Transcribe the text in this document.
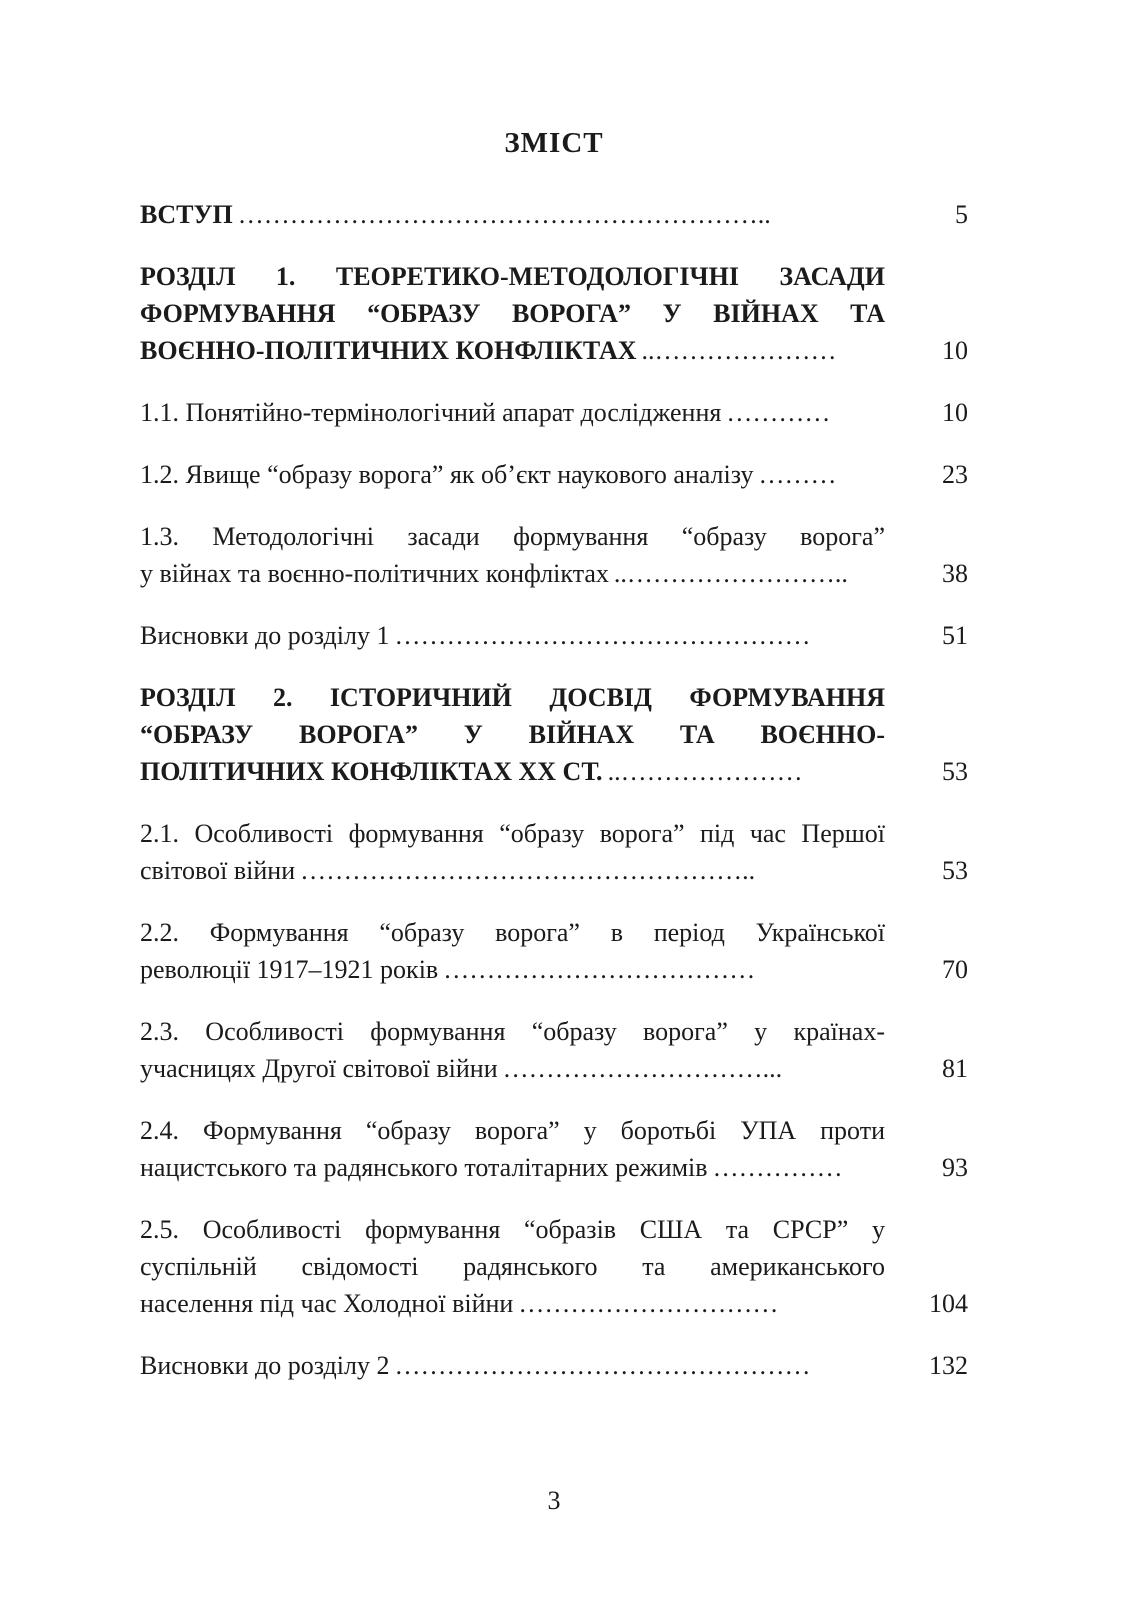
ЗМІСТ
ВСТУП ……………………………………………………..	5
РОЗДІЛ 1. ТЕОРЕТИКО-МЕТОДОЛОГІЧНІ ЗАСАДИ
ФОРМУВАННЯ “ОБРАЗУ ВОРОГА” У ВІЙНАХ ТА
ВОЄННО-ПОЛІТИЧНИХ КОНФЛІКТАХ ..…………………	10
1.1. Понятійно-термінологічний апарат дослідження …………	10
1.2. Явище “образу ворога” як об’єкт наукового аналізу ………	23
1.3. Методологічні засади формування “образу ворога”
у війнах та воєнно-політичних конфліктах ..……………………..	38
Висновки до розділу 1 …………………………………………	51
РОЗДІЛ 2. ІСТОРИЧНИЙ ДОСВІД ФОРМУВАННЯ
“ОБРАЗУ ВОРОГА” У ВІЙНАХ ТА ВОЄННО-
ПОЛІТИЧНИХ КОНФЛІКТАХ ХХ СТ. ..…………………	53
2.1. Особливості формування “образу ворога” під час Першої
світової війни ……………………………………………..	53
2.2. Формування “образу ворога” в період Української
революції 1917–1921 років ………………………………	70
2.3. Особливості формування “образу ворога” у країнах-
учасницях Другої світової війни …………………………...	81
2.4. Формування “образу ворога” у боротьбі УПА проти
нацистського та радянського тоталітарних режимів ……………	93
2.5. Особливості формування “образів США та СРСР” у
суспільній свідомості радянського та американського
населення під час Холодної війни …………………………	104
Висновки до розділу 2 …………………………………………	132
3
